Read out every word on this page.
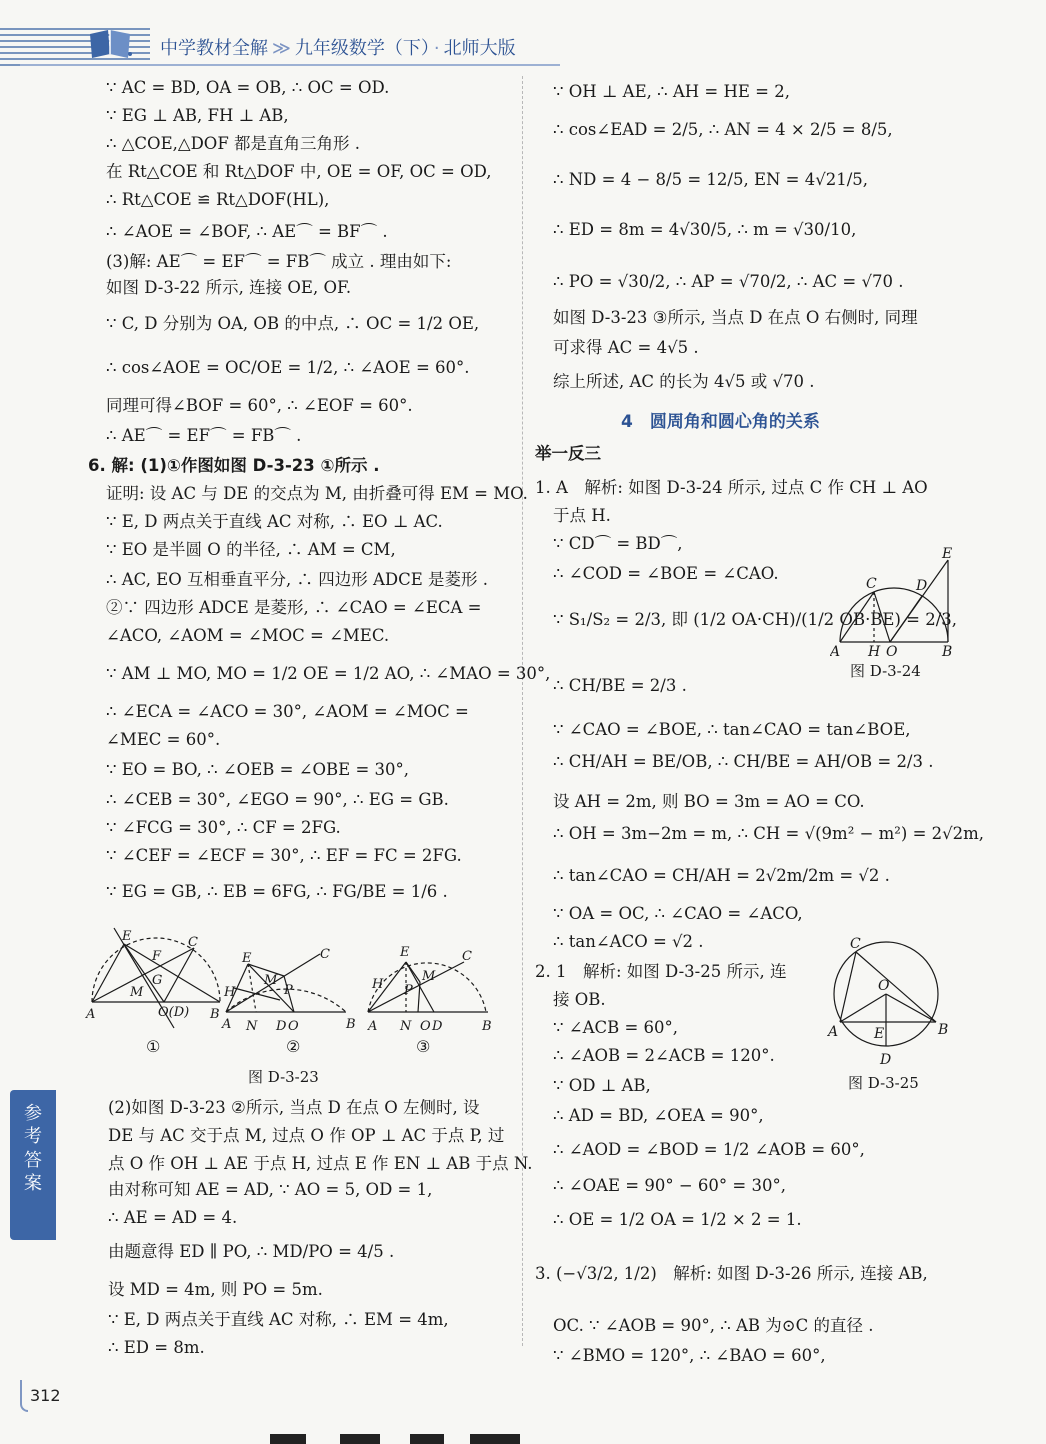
中学教材全解 ≫ 九年级数学（下） · 北师大版
∵ AC = BD, OA = OB, ∴ OC = OD.
∵ EG ⊥ AB, FH ⊥ AB,
∴ △COE,△DOF 都是直角三角形 .
在 Rt△COE 和 Rt△DOF 中, OE = OF, OC = OD,
∴ Rt△COE ≌ Rt△DOF(HL),
∴ ∠AOE = ∠BOF, ∴ AE⌒ = BF⌒ .
(3)解: AE⌒ = EF⌒ = FB⌒ 成立 . 理由如下:
如图 D-3-22 所示, 连接 OE, OF.
∵ C, D 分别为 OA, OB 的中点, ∴ OC = 1/2 OE,
∴ cos∠AOE = OC/OE = 1/2, ∴ ∠AOE = 60°.
同理可得∠BOF = 60°, ∴ ∠EOF = 60°.
∴ AE⌒ = EF⌒ = FB⌒ .
6. 解: (1)①作图如图 D-3-23 ①所示 .
证明: 设 AC 与 DE 的交点为 M, 由折叠可得 EM = MO.
∵ E, D 两点关于直线 AC 对称, ∴ EO ⊥ AC.
∵ EO 是半圆 O 的半径, ∴ AM = CM,
∴ AC, EO 互相垂直平分, ∴ 四边形 ADCE 是菱形 .
②∵ 四边形 ADCE 是菱形, ∴ ∠CAO = ∠ECA =
∠ACO, ∠AOM = ∠MOC = ∠MEC.
∵ AM ⊥ MO, MO = 1/2 OE = 1/2 AO, ∴ ∠MAO = 30°,
∴ ∠ECA = ∠ACO = 30°, ∠AOM = ∠MOC =
∠MEC = 60°.
∵ EO = BO, ∴ ∠OEB = ∠OBE = 30°,
∴ ∠CEB = 30°, ∠EGO = 90°, ∴ EG = GB.
∵ ∠FCG = 30°, ∴ CF = 2FG.
∵ ∠CEF = ∠ECF = 30°, ∴ EF = FC = 2FG.
∵ EG = GB, ∴ EB = 6FG, ∴ FG/BE = 1/6 .
E	C
F
G
M
A	O(D) B
E	C
M
H	P
A N D O	B
E	C
M
H P
A N O D	B
①	②	③
图 D-3-23
(2)如图 D-3-23 ②所示, 当点 D 在点 O 左侧时, 设
DE 与 AC 交于点 M, 过点 O 作 OP ⊥ AC 于点 P, 过
点 O 作 OH ⊥ AE 于点 H, 过点 E 作 EN ⊥ AB 于点 N.
由对称可知 AE = AD, ∵ AO = 5, OD = 1,
∴ AE = AD = 4.
由题意得 ED ∥ PO, ∴ MD/PO = 4/5 .
设 MD = 4m, 则 PO = 5m.
∵ E, D 两点关于直线 AC 对称, ∴ EM = 4m,
∴ ED = 8m.
∵ OH ⊥ AE, ∴ AH = HE = 2,
∴ cos∠EAD = 2/5, ∴ AN = 4 × 2/5 = 8/5,
∴ ND = 4 − 8/5 = 12/5, EN = 4√21/5,
∴ ED = 8m = 4√30/5, ∴ m = √30/10,
∴ PO = √30/2, ∴ AP = √70/2, ∴ AC = √70 .
如图 D-3-23 ③所示, 当点 D 在点 O 右侧时, 同理
可求得 AC = 4√5 .
综上所述, AC 的长为 4√5 或 √70 .
4　圆周角和圆心角的关系
举一反三
1. A　解析: 如图 D-3-24 所示, 过点 C 作 CH ⊥ AO
于点 H.
∵ CD⌒ = BD⌒,
∴ ∠COD = ∠BOE = ∠CAO.
∵ S₁/S₂ = 2/3, 即 (1/2 OA·CH)/(1/2 OB·BE) = 2/3,
∴ CH/BE = 2/3 .
∵ ∠CAO = ∠BOE, ∴ tan∠CAO = tan∠BOE,
∴ CH/AH = BE/OB, ∴ CH/BE = AH/OB = 2/3 .
设 AH = 2m, 则 BO = 3m = AO = CO.
∴ OH = 3m−2m = m, ∴ CH = √(9m² − m²) = 2√2m,
∴ tan∠CAO = CH/AH = 2√2m/2m = √2 .
∵ OA = OC, ∴ ∠CAO = ∠ACO,
∴ tan∠ACO = √2 .
2. 1　解析: 如图 D-3-25 所示, 连
接 OB.
∵ ∠ACB = 60°,
∴ ∠AOB = 2∠ACB = 120°.
∵ OD ⊥ AB,
∴ AD = BD, ∠OEA = 90°,
∴ ∠AOD = ∠BOD = 1/2 ∠AOB = 60°,
∴ ∠OAE = 90° − 60° = 30°,
∴ OE = 1/2 OA = 1/2 × 2 = 1.
3. (−√3/2, 1/2)　解析: 如图 D-3-26 所示, 连接 AB,
OC. ∵ ∠AOB = 90°, ∴ AB 为⊙C 的直径 .
∵ ∠BMO = 120°, ∴ ∠BAO = 60°,
E
C	D
A H O	B
图 D-3-24
C
O
A	E	B
D
图 D-3-25
参考答案
312
